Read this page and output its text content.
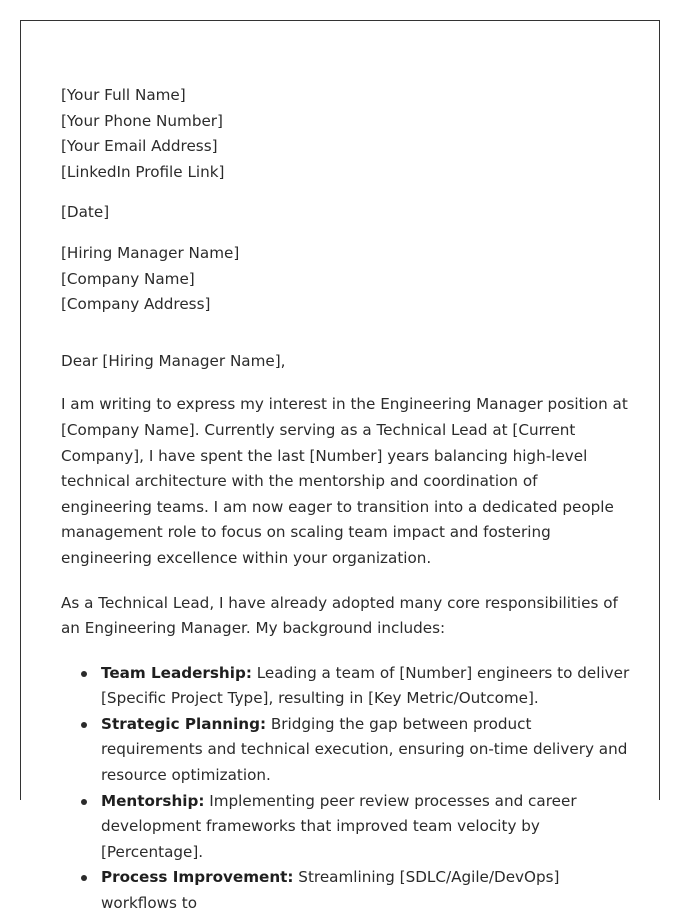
[Your Full Name]
[Your Phone Number]
[Your Email Address]
[LinkedIn Profile Link]
[Date]
[Hiring Manager Name]
[Company Name]
[Company Address]
Dear [Hiring Manager Name],

I am writing to express my interest in the Engineering Manager position at [Company Name]. Currently serving as a Technical Lead at [Current Company], I have spent the last [Number] years balancing high-level technical architecture with the mentorship and coordination of engineering teams. I am now eager to transition into a dedicated people management role to focus on scaling team impact and fostering engineering excellence within your organization.

As a Technical Lead, I have already adopted many core responsibilities of an Engineering Manager. My background includes:

Team Leadership: Leading a team of [Number] engineers to deliver [Specific Project Type], resulting in [Key Metric/Outcome].
Strategic Planning: Bridging the gap between product requirements and technical execution, ensuring on-time delivery and resource optimization.
Mentorship: Implementing peer review processes and career development frameworks that improved team velocity by [Percentage].
Process Improvement: Streamlining [SDLC/Agile/DevOps] workflows to
